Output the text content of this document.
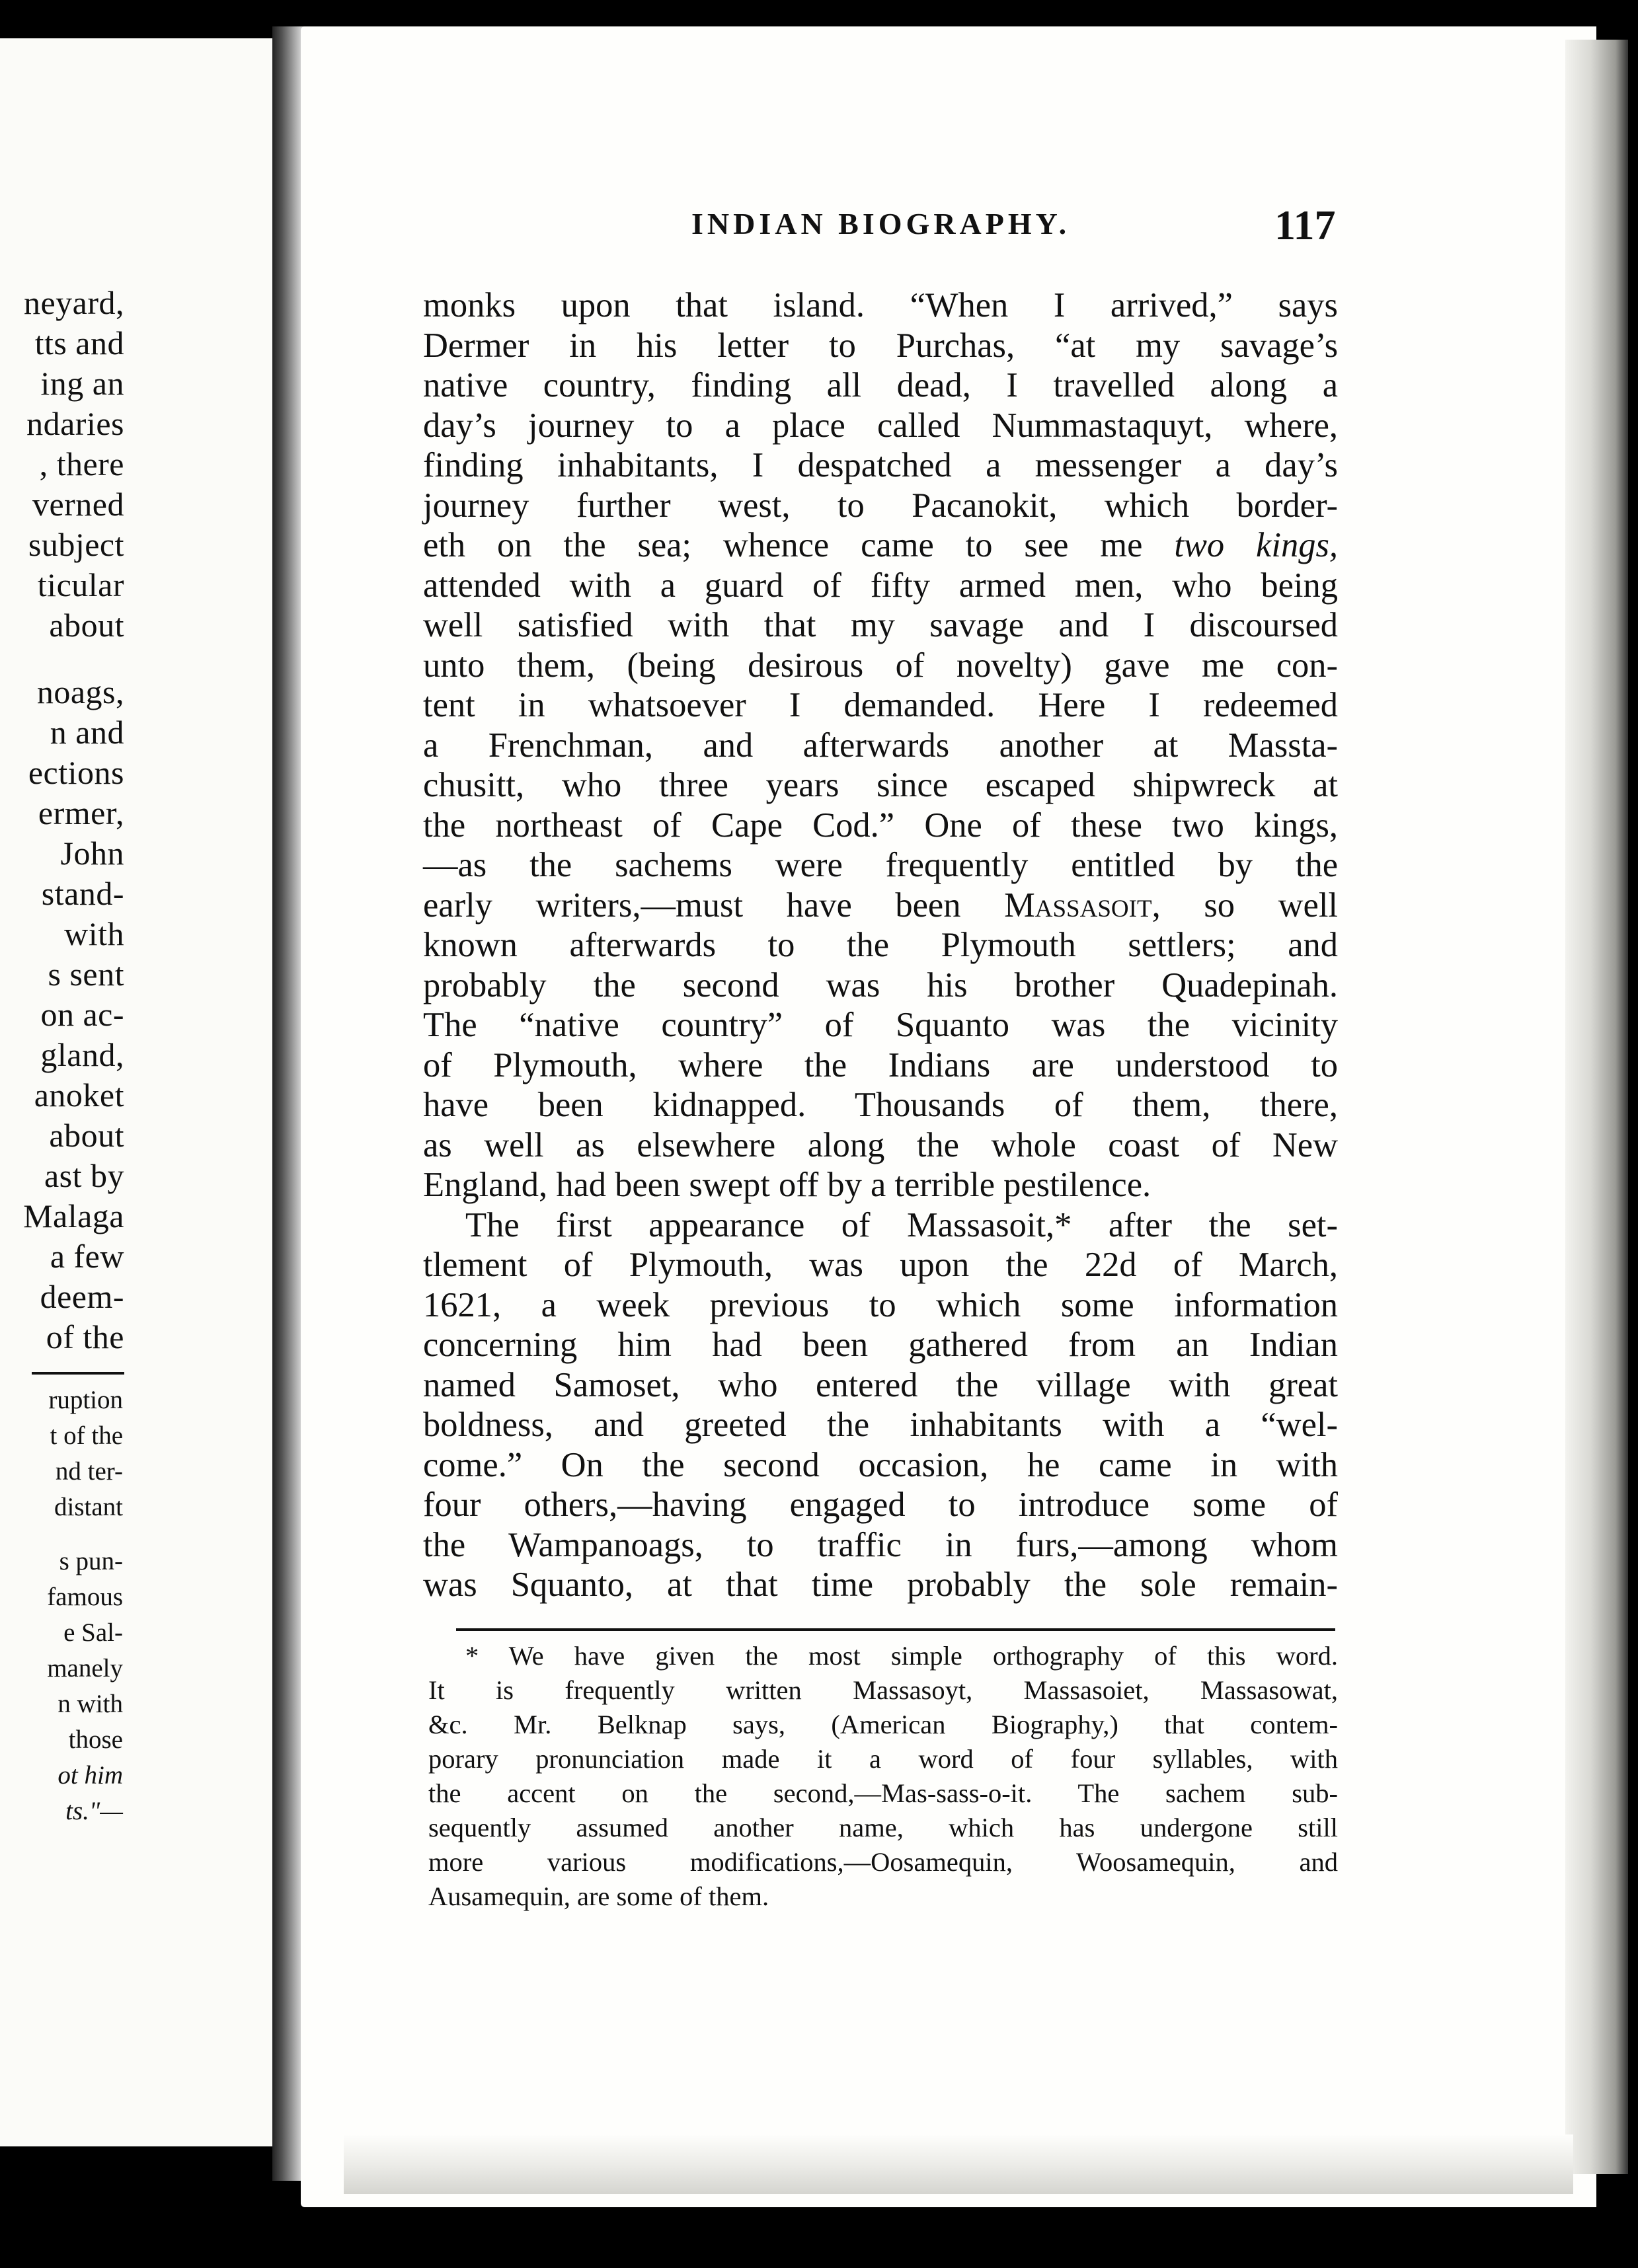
neyard,
tts and
ing an
ndaries
, there
verned
subject
ticular
about
noags,
n and
ections
ermer,
John
stand-
with
s sent
on ac-
gland,
anoket
about
ast by
Malaga
a few
deem-
of the
ruption
t of the
nd ter-
distant
s pun-
famous
e Sal-
manely
n with
those
ot him
ts."—
INDIAN BIOGRAPHY.	117
monks upon that island. “When I arrived,” says
Dermer in his letter to Purchas, “at my savage’s
native country, finding all dead, I travelled along a
day’s journey to a place called Nummastaquyt, where,
finding inhabitants, I despatched a messenger a day’s
journey further west, to Pacanokit, which border-
eth on the sea; whence came to see me two kings,
attended with a guard of fifty armed men, who being
well satisfied with that my savage and I discoursed
unto them, (being desirous of novelty) gave me con-
tent in whatsoever I demanded. Here I redeemed
a Frenchman, and afterwards another at Massta-
chusitt, who three years since escaped shipwreck at
the northeast of Cape Cod.” One of these two kings,
—as the sachems were frequently entitled by the
early writers,—must have been Massasoit, so well
known afterwards to the Plymouth settlers; and
probably the second was his brother Quadepinah.
The “native country” of Squanto was the vicinity
of Plymouth, where the Indians are understood to
have been kidnapped. Thousands of them, there,
as well as elsewhere along the whole coast of New
England, had been swept off by a terrible pestilence.
The first appearance of Massasoit,* after the set-
tlement of Plymouth, was upon the 22d of March,
1621, a week previous to which some information
concerning him had been gathered from an Indian
named Samoset, who entered the village with great
boldness, and greeted the inhabitants with a “wel-
come.” On the second occasion, he came in with
four others,—having engaged to introduce some of
the Wampanoags, to traffic in furs,—among whom
was Squanto, at that time probably the sole remain-
* We have given the most simple orthography of this word.
It is frequently written Massasoyt, Massasoiet, Massasowat,
&c. Mr. Belknap says, (American Biography,) that contem-
porary pronunciation made it a word of four syllables, with
the accent on the second,—Mas-sass-o-it. The sachem sub-
sequently assumed another name, which has undergone still
more various modifications,—Oosamequin, Woosamequin, and
Ausamequin, are some of them.
